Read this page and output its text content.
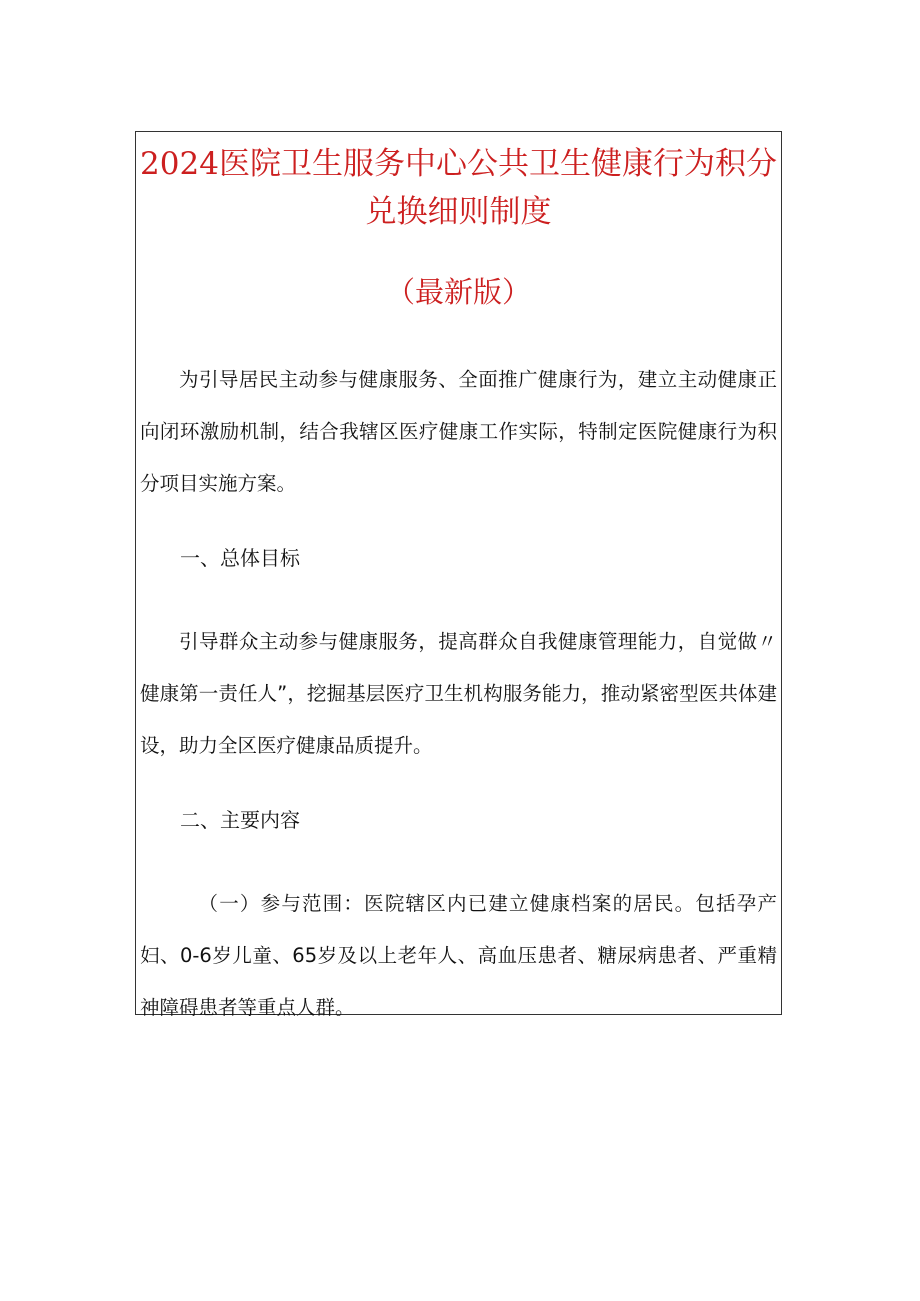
2024医院卫生服务中心公共卫生健康行为积分兑换细则制度

（最新版）

为引导居民主动参与健康服务、全面推广健康行为，建立主动健康正向闭环激励机制，结合我辖区医疗健康工作实际，特制定医院健康行为积分项目实施方案。

一、总体目标

引导群众主动参与健康服务，提高群众自我健康管理能力，自觉做〃健康第一责任人”，挖掘基层医疗卫生机构服务能力，推动紧密型医共体建设，助力全区医疗健康品质提升。

二、主要内容

（一）参与范围：医院辖区内已建立健康档案的居民。包括孕产妇、0-6岁儿童、65岁及以上老年人、高血压患者、糖尿病患者、严重精神障碍患者等重点人群。
